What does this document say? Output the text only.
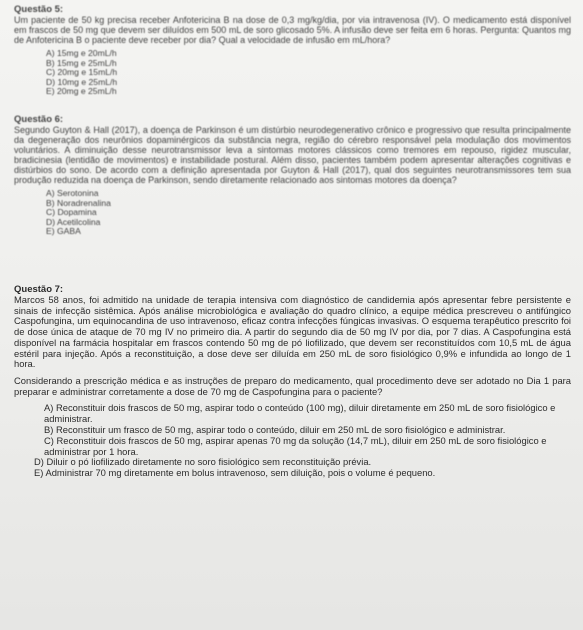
Questão 5:

Um paciente de 50 kg precisa receber Anfotericina B na dose de 0,3 mg/kg/dia, por via intravenosa (IV). O medicamento está disponível em frascos de 50 mg que devem ser diluídos em 500 mL de soro glicosado 5%. A infusão deve ser feita em 6 horas. Pergunta: Quantos mg de Anfotericina B o paciente deve receber por dia? Qual a velocidade de infusão em mL/hora?

A) 15mg e 20mL/h
B) 15mg e 25mL/h
C) 20mg e 15mL/h
D) 10mg e 25mL/h
E) 20mg e 25mL/h

Questão 6:

Segundo Guyton & Hall (2017), a doença de Parkinson é um distúrbio neurodegenerativo crônico e progressivo que resulta principalmente da degeneração dos neurônios dopaminérgicos da substância negra, região do cérebro responsável pela modulação dos movimentos voluntários. A diminuição desse neurotransmissor leva a sintomas motores clássicos como tremores em repouso, rigidez muscular, bradicinesia (lentidão de movimentos) e instabilidade postural. Além disso, pacientes também podem apresentar alterações cognitivas e distúrbios do sono. De acordo com a definição apresentada por Guyton & Hall (2017), qual dos seguintes neurotransmissores tem sua produção reduzida na doença de Parkinson, sendo diretamente relacionado aos sintomas motores da doença?

A) Serotonina
B) Noradrenalina
C) Dopamina
D) Acetilcolina
E) GABA

Questão 7:

Marcos 58 anos, foi admitido na unidade de terapia intensiva com diagnóstico de candidemia após apresentar febre persistente e sinais de infecção sistêmica. Após análise microbiológica e avaliação do quadro clínico, a equipe médica prescreveu o antifúngico Caspofungina, um equinocandina de uso intravenoso, eficaz contra infecções fúngicas invasivas. O esquema terapêutico prescrito foi de dose única de ataque de 70 mg IV no primeiro dia. A partir do segundo dia de 50 mg IV por dia, por 7 dias. A Caspofungina está disponível na farmácia hospitalar em frascos contendo 50 mg de pó liofilizado, que devem ser reconstituídos com 10,5 mL de água estéril para injeção. Após a reconstituição, a dose deve ser diluída em 250 mL de soro fisiológico 0,9% e infundida ao longo de 1 hora.

Considerando a prescrição médica e as instruções de preparo do medicamento, qual procedimento deve ser adotado no Dia 1 para preparar e administrar corretamente a dose de 70 mg de Caspofungina para o paciente?

A) Reconstituir dois frascos de 50 mg, aspirar todo o conteúdo (100 mg), diluir diretamente em 250 mL de soro fisiológico e administrar.

B) Reconstituir um frasco de 50 mg, aspirar todo o conteúdo, diluir em 250 mL de soro fisiológico e administrar.

C) Reconstituir dois frascos de 50 mg, aspirar apenas 70 mg da solução (14,7 mL), diluir em 250 mL de soro fisiológico e administrar por 1 hora.

D) Diluir o pó liofilizado diretamente no soro fisiológico sem reconstituição prévia.

E) Administrar 70 mg diretamente em bolus intravenoso, sem diluição, pois o volume é pequeno.
